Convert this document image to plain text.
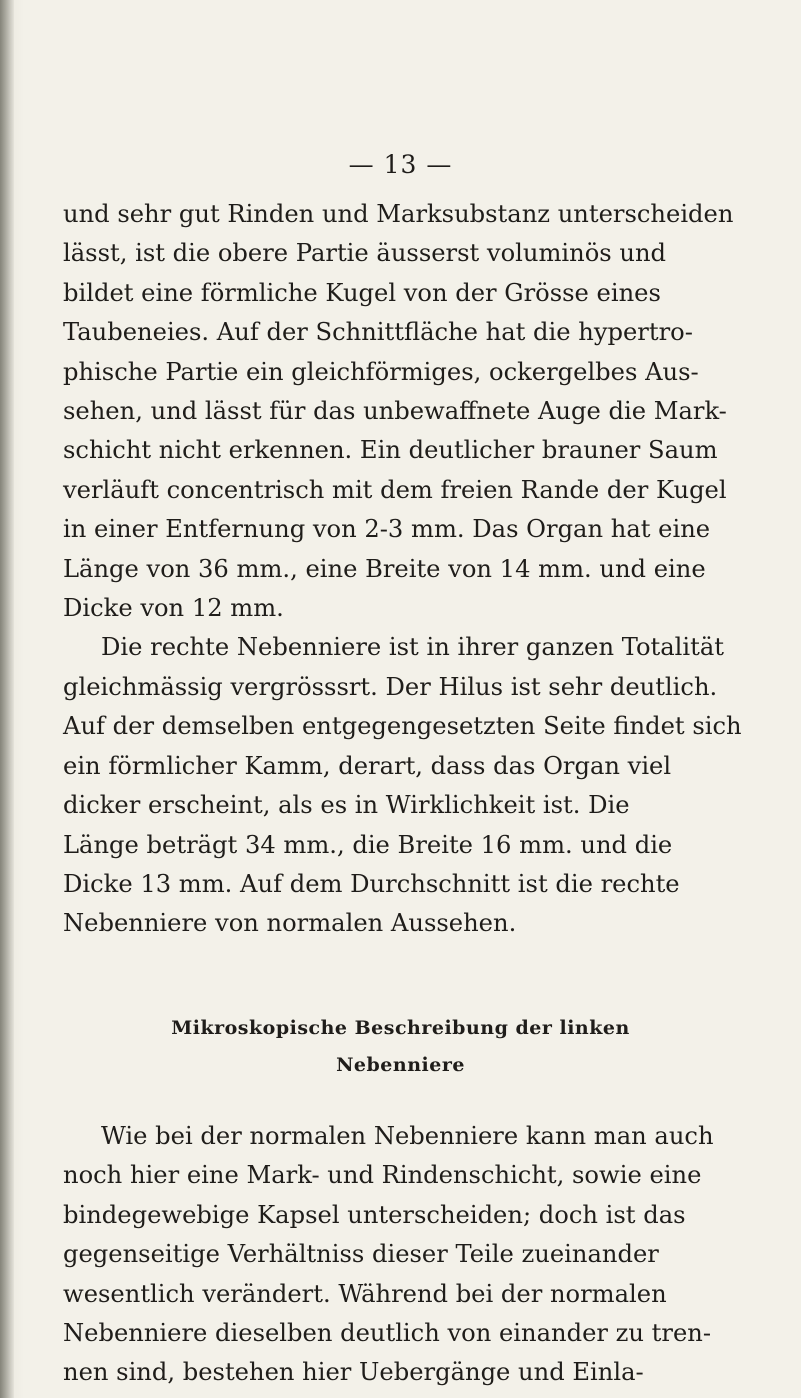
— 13 —
und sehr gut Rinden und Marksubstanz unterscheiden
lässt, ist die obere Partie äusserst voluminös und
bildet eine förmliche Kugel von der Grösse eines
Taubeneies. Auf der Schnittfläche hat die hypertro-
phische Partie ein gleichförmiges, ockergelbes Aus-
sehen, und lässt für das unbewaffnete Auge die Mark-
schicht nicht erkennen. Ein deutlicher brauner Saum
verläuft concentrisch mit dem freien Rande der Kugel
in einer Entfernung von 2-3 mm. Das Organ hat eine
Länge von 36 mm., eine Breite von 14 mm. und eine
Dicke von 12 mm.
Die rechte Nebenniere ist in ihrer ganzen Totalität
gleichmässig vergrösssrt. Der Hilus ist sehr deutlich.
Auf der demselben entgegengesetzten Seite findet sich
ein förmlicher Kamm, derart, dass das Organ viel
dicker erscheint, als es in Wirklichkeit ist. Die
Länge beträgt 34 mm., die Breite 16 mm. und die
Dicke 13 mm. Auf dem Durchschnitt ist die rechte
Nebenniere von normalen Aussehen.
Mikroskopische Beschreibung der linken
Nebenniere
Wie bei der normalen Nebenniere kann man auch
noch hier eine Mark- und Rindenschicht, sowie eine
bindegewebige Kapsel unterscheiden; doch ist das
gegenseitige Verhältniss dieser Teile zueinander
wesentlich verändert. Während bei der normalen
Nebenniere dieselben deutlich von einander zu tren-
nen sind, bestehen hier Uebergänge und Einla-
